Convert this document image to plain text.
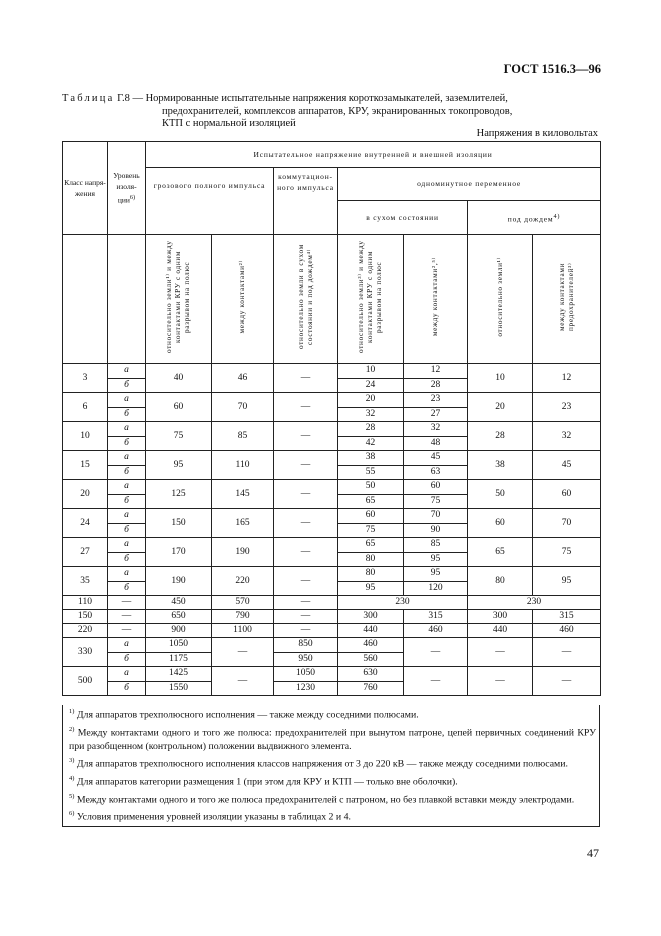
ГОСТ 1516.3—96
Таблица Г.8 — Нормированные испытательные напряжения короткозамыкателей, заземлителей,
предохранителей, комплексов аппаратов, КРУ, экранированных токопроводов,
КТП с нормальной изоляцией
Напряжения в киловольтах
Класс напря-жения	Уровень изоля-ции$^{6)}$	Испытательное напряжение внутренней и внешней изоляции						
		грозового полного импульса		коммутацион-ного импульса	одноминутное переменное			
					в сухом состоянии		под дождем$^{4)}$
		относительно земли¹⁾ и между контактами КРУ с одним разрывом на полюс	между контактами²⁾	относительно земли в сухом состоянии и под дождем⁴⁾	относительно земли³⁾ и между контактами КРУ с одним разрывом на полюс	между контактами²,⁵⁾	относительно земли¹⁾	между контактами предохранителей³⁾
3	а	40	46	—	10	12	10	12
	б				24	28		
6	а	60	70	—	20	23	20	23
	б				32	27		
10	а	75	85	—	28	32	28	32
	б				42	48		
15	а	95	110	—	38	45	38	45
	б				55	63		
20	а	125	145	—	50	60	50	60
	б				65	75		
24	а	150	165	—	60	70	60	70
	б				75	90		
27	а	170	190	—	65	85	65	75
	б				80	95		
35	а	190	220	—	80	95	80	95
	б				95	120		
110	—	450	570	—	230		230	
150	—	650	790	—	300	315	300	315
220	—	900	1100	—	440	460	440	460
330	а	1050	—	850	460	—	—	—
	б	1175		950	560			
500	а	1425	—	1050	630	—	—	—
	б	1550		1230	760			

$^{1)}$ Для аппаратов трехполюсного исполнения — также между соседними полюсами.

$^{2)}$ Между контактами одного и того же полюса: предохранителей при вынутом патроне, цепей первичных соединений КРУ при разобщенном (контрольном) положении выдвижного элемента.

$^{3)}$ Для аппаратов трехполюсного исполнения классов напряжения от 3 до 220 кВ — также между соседними полюсами.

$^{4)}$ Для аппаратов категории размещения 1 (при этом для КРУ и КТП — только вне оболочки).

$^{5)}$ Между контактами одного и того же полюса предохранителей с патроном, но без плавкой вставки между электродами.

$^{6)}$ Условия применения уровней изоляции указаны в таблицах 2 и 4.

47
